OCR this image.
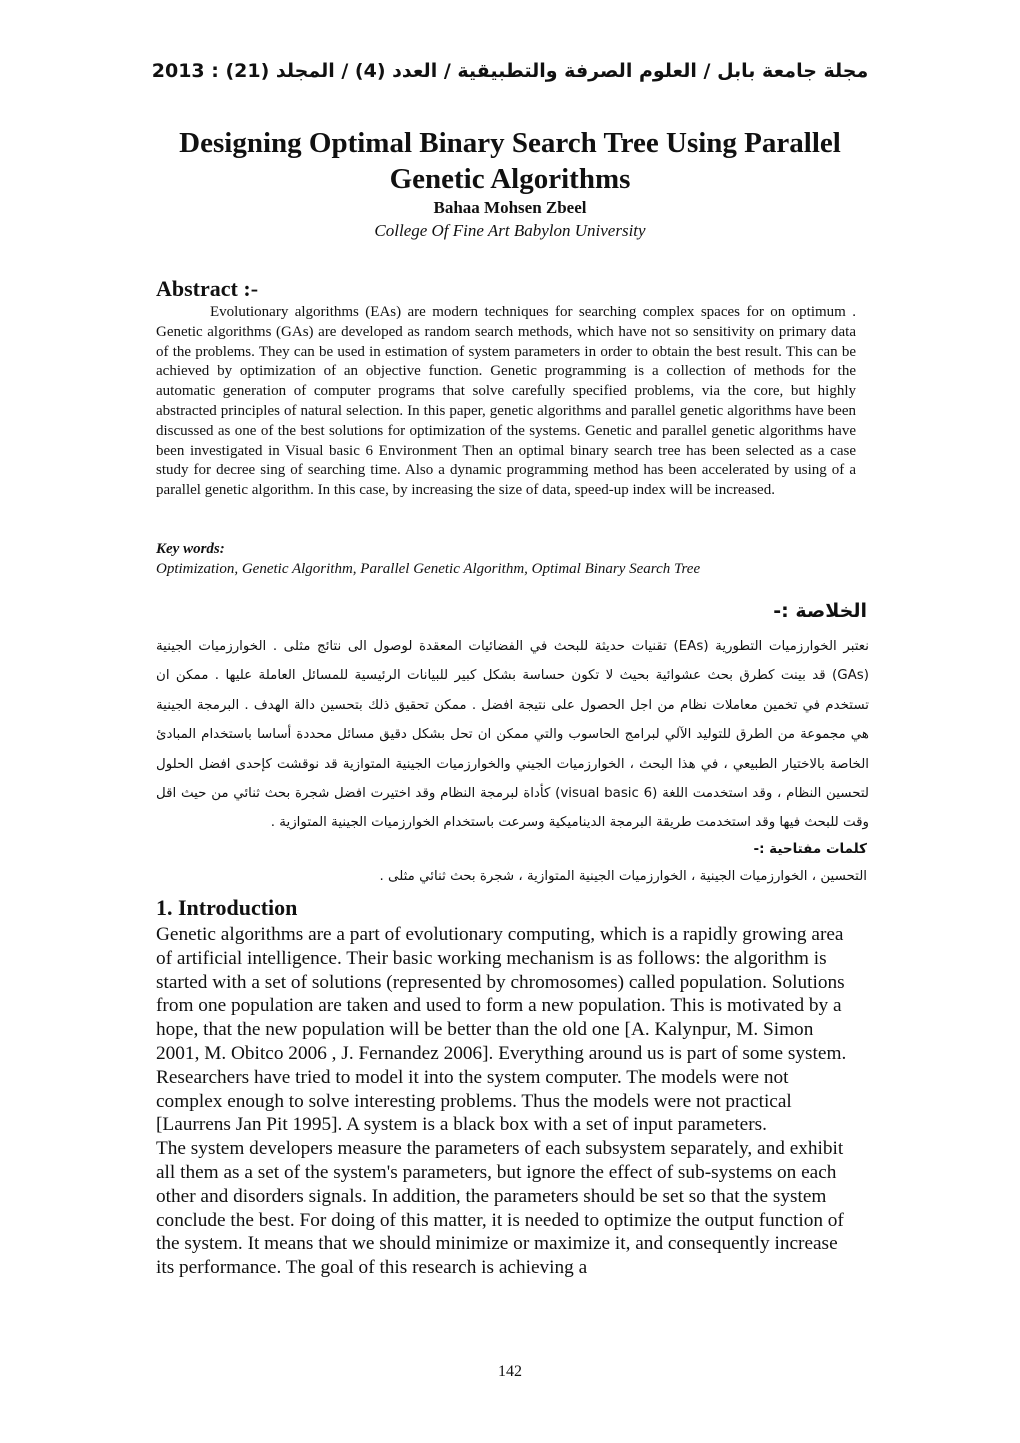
مجلة جامعة بابل / العلوم الصرفة والتطبيقية / العدد (4) / المجلد (21) : 2013
Designing Optimal Binary Search Tree Using Parallel Genetic Algorithms
Bahaa Mohsen Zbeel
College Of Fine Art Babylon University
Abstract :-

Evolutionary algorithms (EAs) are modern techniques for searching complex spaces for on optimum . Genetic algorithms (GAs) are developed as random search methods, which have not so sensitivity on primary data of the problems. They can be used in estimation of system parameters in order to obtain the best result. This can be achieved by optimization of an objective function. Genetic programming is a collection of methods for the automatic generation of computer programs that solve carefully specified problems, via the core, but highly abstracted principles of natural selection. In this paper, genetic algorithms and parallel genetic algorithms have been discussed as one of the best solutions for optimization of the systems. Genetic and parallel genetic algorithms have been investigated in Visual basic 6 Environment Then an optimal binary search tree has been selected as a case study for decree sing of searching time. Also a dynamic programming method has been accelerated by using of a parallel genetic algorithm. In this case, by increasing the size of data, speed-up index will be increased.

Key words:
Optimization, Genetic Algorithm, Parallel Genetic Algorithm, Optimal Binary Search Tree
الخلاصة :-

نعتبر الخوارزميات التطورية (EAs) تقنيات حديثة للبحث في الفضائيات المعقدة لوصول الى نتائج مثلى . الخوارزميات الجينية (GAs) قد بينت كطرق بحث عشوائية بحيث لا تكون حساسة بشكل كبير للبيانات الرئيسية للمسائل العاملة عليها . ممكن ان تستخدم في تخمين معاملات نظام من اجل الحصول على نتيجة افضل . ممكن تحقيق ذلك بتحسين دالة الهدف . البرمجة الجينية هي مجموعة من الطرق للتوليد الآلي لبرامج الحاسوب والتي ممكن ان تحل بشكل دقيق مسائل محددة أساسا باستخدام المبادئ الخاصة بالاختيار الطبيعي ، في هذا البحث ، الخوارزميات الجيني والخوارزميات الجينية المتوازية قد نوقشت كإحدى افضل الحلول لتحسين النظام ، وقد استخدمت اللغة (visual basic 6) كأداة لبرمجة النظام وقد اختيرت افضل شجرة بحث ثنائي من حيث اقل وقت للبحث فيها وقد استخدمت طريقة البرمجة الديناميكية وسرعت باستخدام الخوارزميات الجينية المتوازية .

كلمات مفتاحية :-
التحسين ، الخوارزميات الجينية ، الخوارزميات الجينية المتوازية ، شجرة بحث ثنائي مثلى .
1. Introduction

Genetic algorithms are a part of evolutionary computing, which is a rapidly growing area of artificial intelligence. Their basic working mechanism is as follows: the algorithm is started with a set of solutions (represented by chromosomes) called population. Solutions from one population are taken and used to form a new population. This is motivated by a hope, that the new population will be better than the old one [A. Kalynpur, M. Simon 2001, M. Obitco 2006 , J. Fernandez 2006]. Everything around us is part of some system. Researchers have tried to model it into the system computer. The models were not complex enough to solve interesting problems. Thus the models were not practical [Laurrens Jan Pit 1995]. A system is a black box with a set of input parameters.

The system developers measure the parameters of each subsystem separately, and exhibit all them as a set of the system's parameters, but ignore the effect of sub-systems on each other and disorders signals. In addition, the parameters should be set so that the system conclude the best. For doing of this matter, it is needed to optimize the output function of the system. It means that we should minimize or maximize it, and consequently increase its performance. The goal of this research is achieving a

142
